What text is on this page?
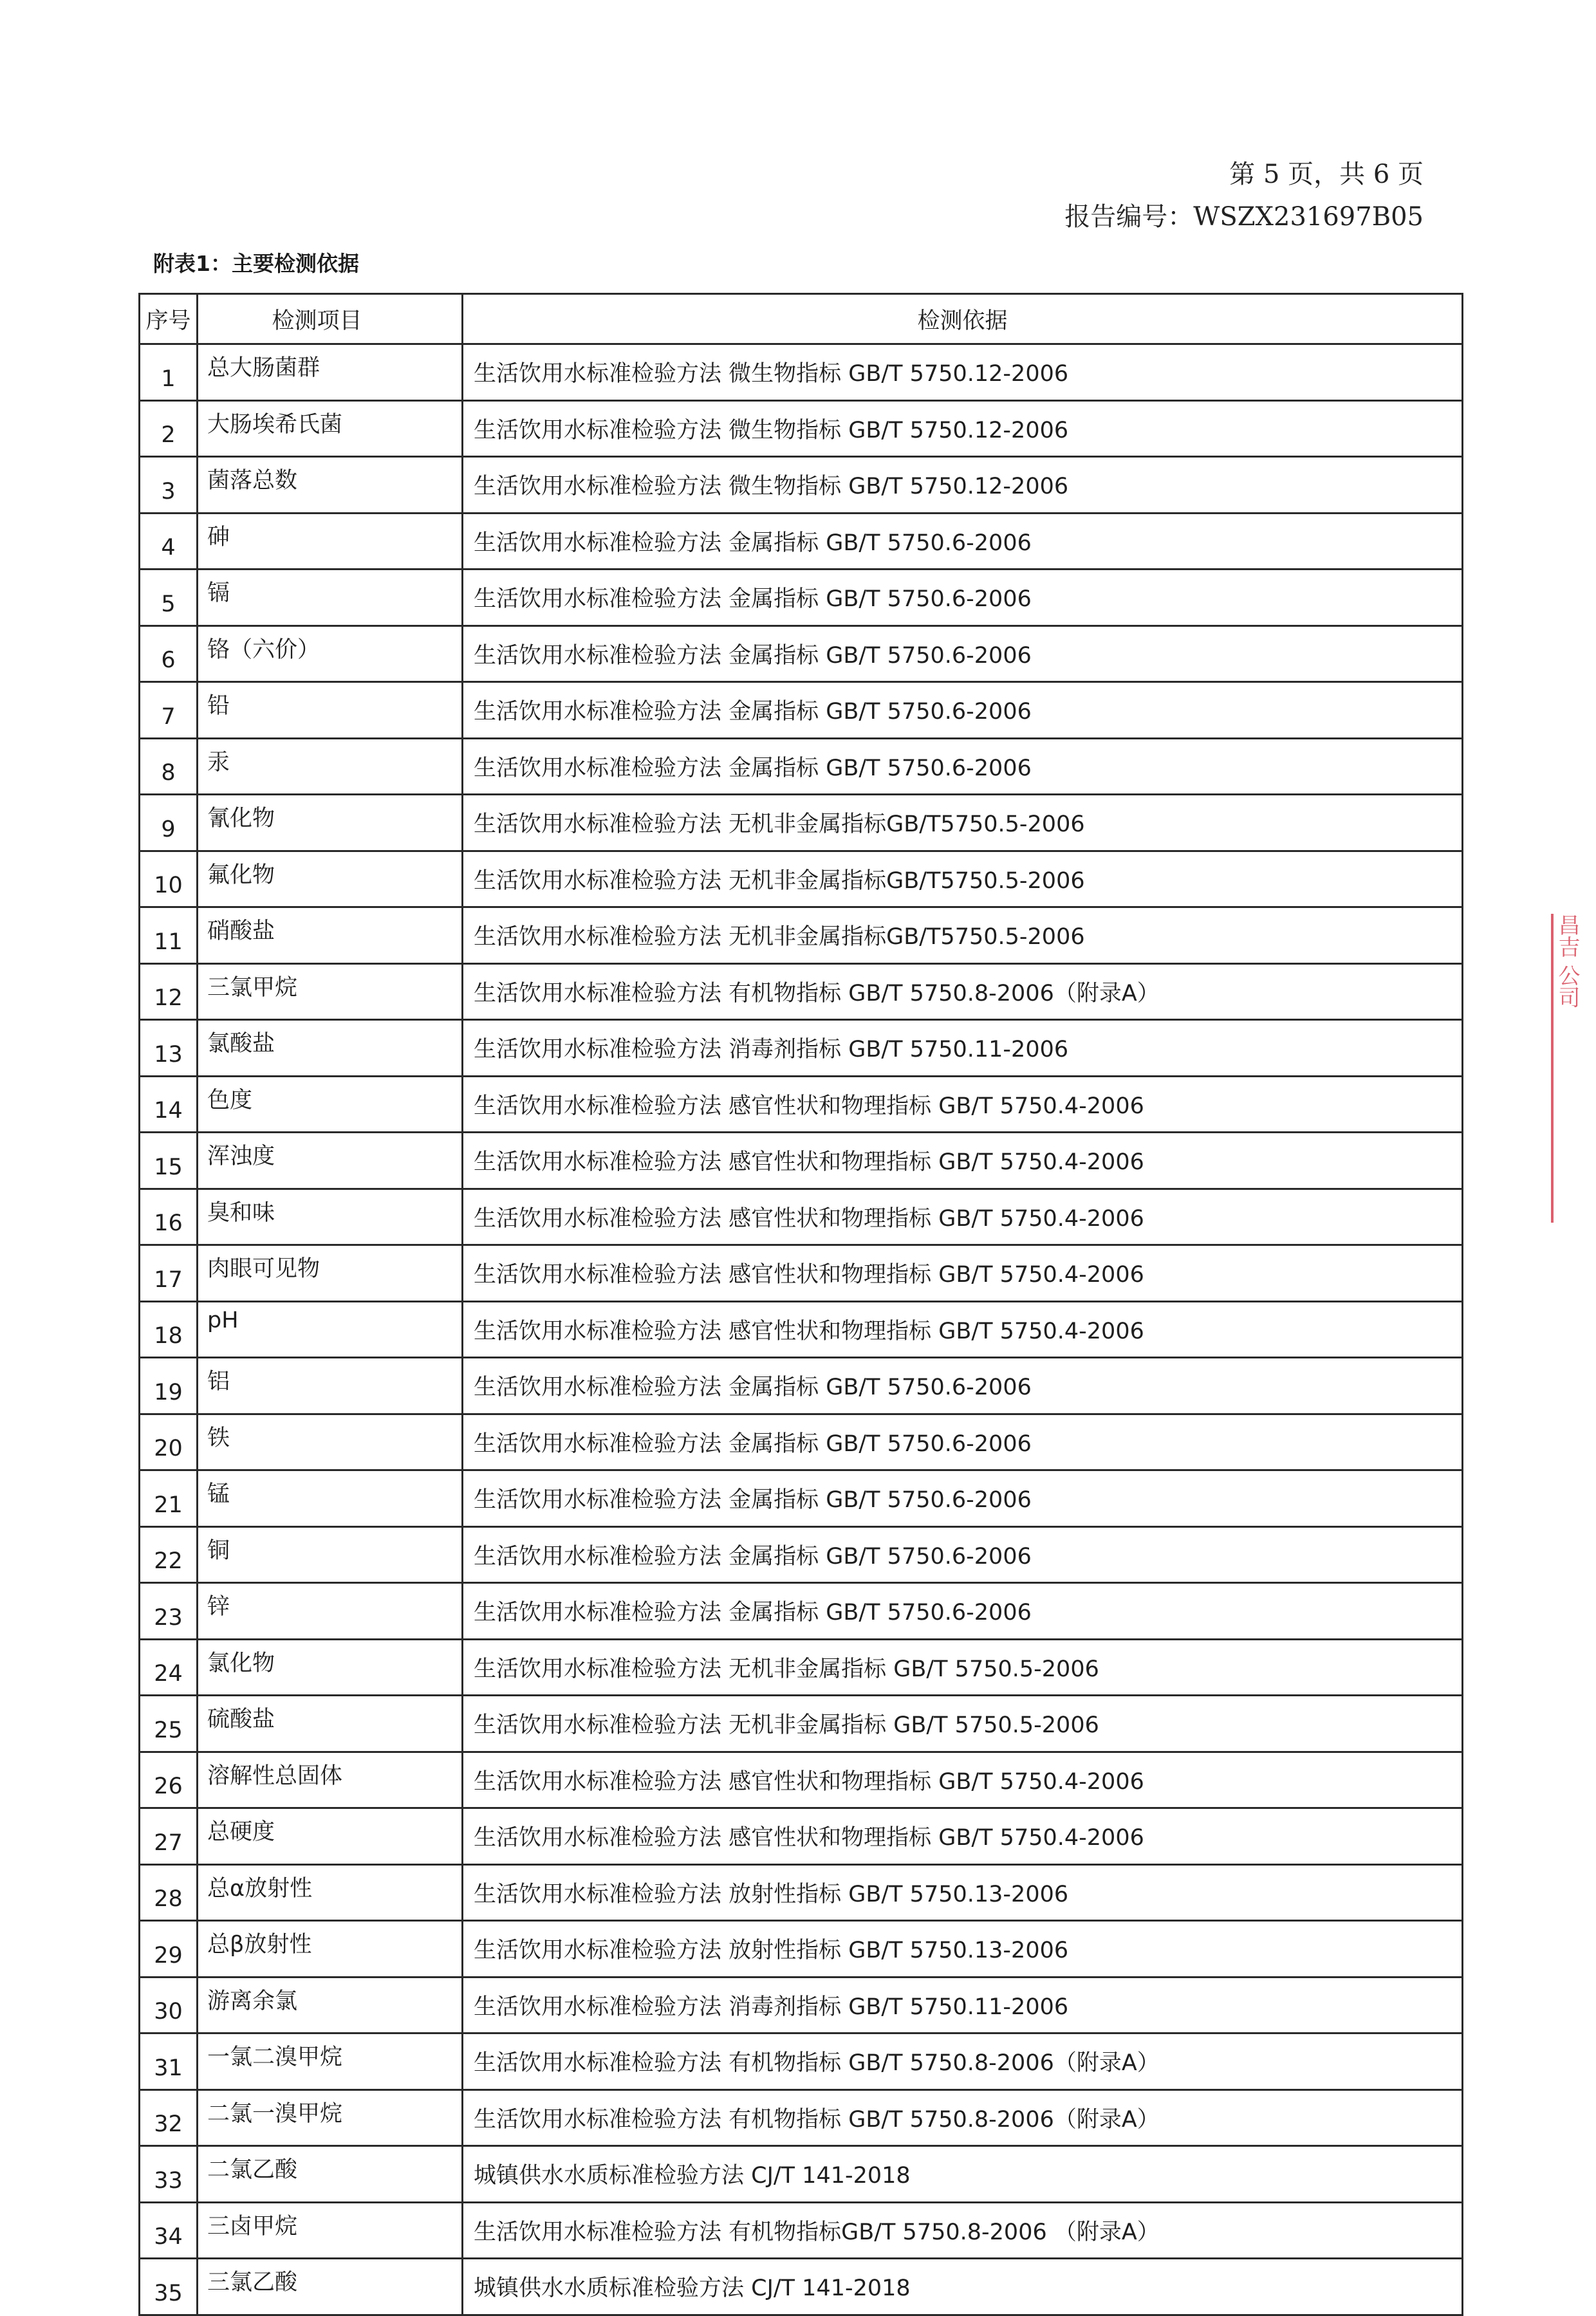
第 5 页，共 6 页
报告编号：WSZX231697B05
附表1：主要检测依据
序号	检测项目	检测依据
1	总大肠菌群	生活饮用水标准检验方法 微生物指标 GB/T 5750.12-2006
2	大肠埃希氏菌	生活饮用水标准检验方法 微生物指标 GB/T 5750.12-2006
3	菌落总数	生活饮用水标准检验方法 微生物指标 GB/T 5750.12-2006
4	砷	生活饮用水标准检验方法 金属指标 GB/T 5750.6-2006
5	镉	生活饮用水标准检验方法 金属指标 GB/T 5750.6-2006
6	铬（六价）	生活饮用水标准检验方法 金属指标 GB/T 5750.6-2006
7	铅	生活饮用水标准检验方法 金属指标 GB/T 5750.6-2006
8	汞	生活饮用水标准检验方法 金属指标 GB/T 5750.6-2006
9	氰化物	生活饮用水标准检验方法 无机非金属指标GB/T5750.5-2006
10	氟化物	生活饮用水标准检验方法 无机非金属指标GB/T5750.5-2006
11	硝酸盐	生活饮用水标准检验方法 无机非金属指标GB/T5750.5-2006
12	三氯甲烷	生活饮用水标准检验方法 有机物指标 GB/T 5750.8-2006（附录A）
13	氯酸盐	生活饮用水标准检验方法 消毒剂指标 GB/T 5750.11-2006
14	色度	生活饮用水标准检验方法 感官性状和物理指标 GB/T 5750.4-2006
15	浑浊度	生活饮用水标准检验方法 感官性状和物理指标 GB/T 5750.4-2006
16	臭和味	生活饮用水标准检验方法 感官性状和物理指标 GB/T 5750.4-2006
17	肉眼可见物	生活饮用水标准检验方法 感官性状和物理指标 GB/T 5750.4-2006
18	pH	生活饮用水标准检验方法 感官性状和物理指标 GB/T 5750.4-2006
19	铝	生活饮用水标准检验方法 金属指标 GB/T 5750.6-2006
20	铁	生活饮用水标准检验方法 金属指标 GB/T 5750.6-2006
21	锰	生活饮用水标准检验方法 金属指标 GB/T 5750.6-2006
22	铜	生活饮用水标准检验方法 金属指标 GB/T 5750.6-2006
23	锌	生活饮用水标准检验方法 金属指标 GB/T 5750.6-2006
24	氯化物	生活饮用水标准检验方法 无机非金属指标 GB/T 5750.5-2006
25	硫酸盐	生活饮用水标准检验方法 无机非金属指标 GB/T 5750.5-2006
26	溶解性总固体	生活饮用水标准检验方法 感官性状和物理指标 GB/T 5750.4-2006
27	总硬度	生活饮用水标准检验方法 感官性状和物理指标 GB/T 5750.4-2006
28	总α放射性	生活饮用水标准检验方法 放射性指标 GB/T 5750.13-2006
29	总β放射性	生活饮用水标准检验方法 放射性指标 GB/T 5750.13-2006
30	游离余氯	生活饮用水标准检验方法 消毒剂指标 GB/T 5750.11-2006
31	一氯二溴甲烷	生活饮用水标准检验方法 有机物指标 GB/T 5750.8-2006（附录A）
32	二氯一溴甲烷	生活饮用水标准检验方法 有机物指标 GB/T 5750.8-2006（附录A）
33	二氯乙酸	城镇供水水质标准检验方法 CJ/T 141-2018
34	三卤甲烷	生活饮用水标准检验方法 有机物指标GB/T 5750.8-2006 （附录A）
35	三氯乙酸	城镇供水水质标准检验方法 CJ/T 141-2018
昌吉 公司
